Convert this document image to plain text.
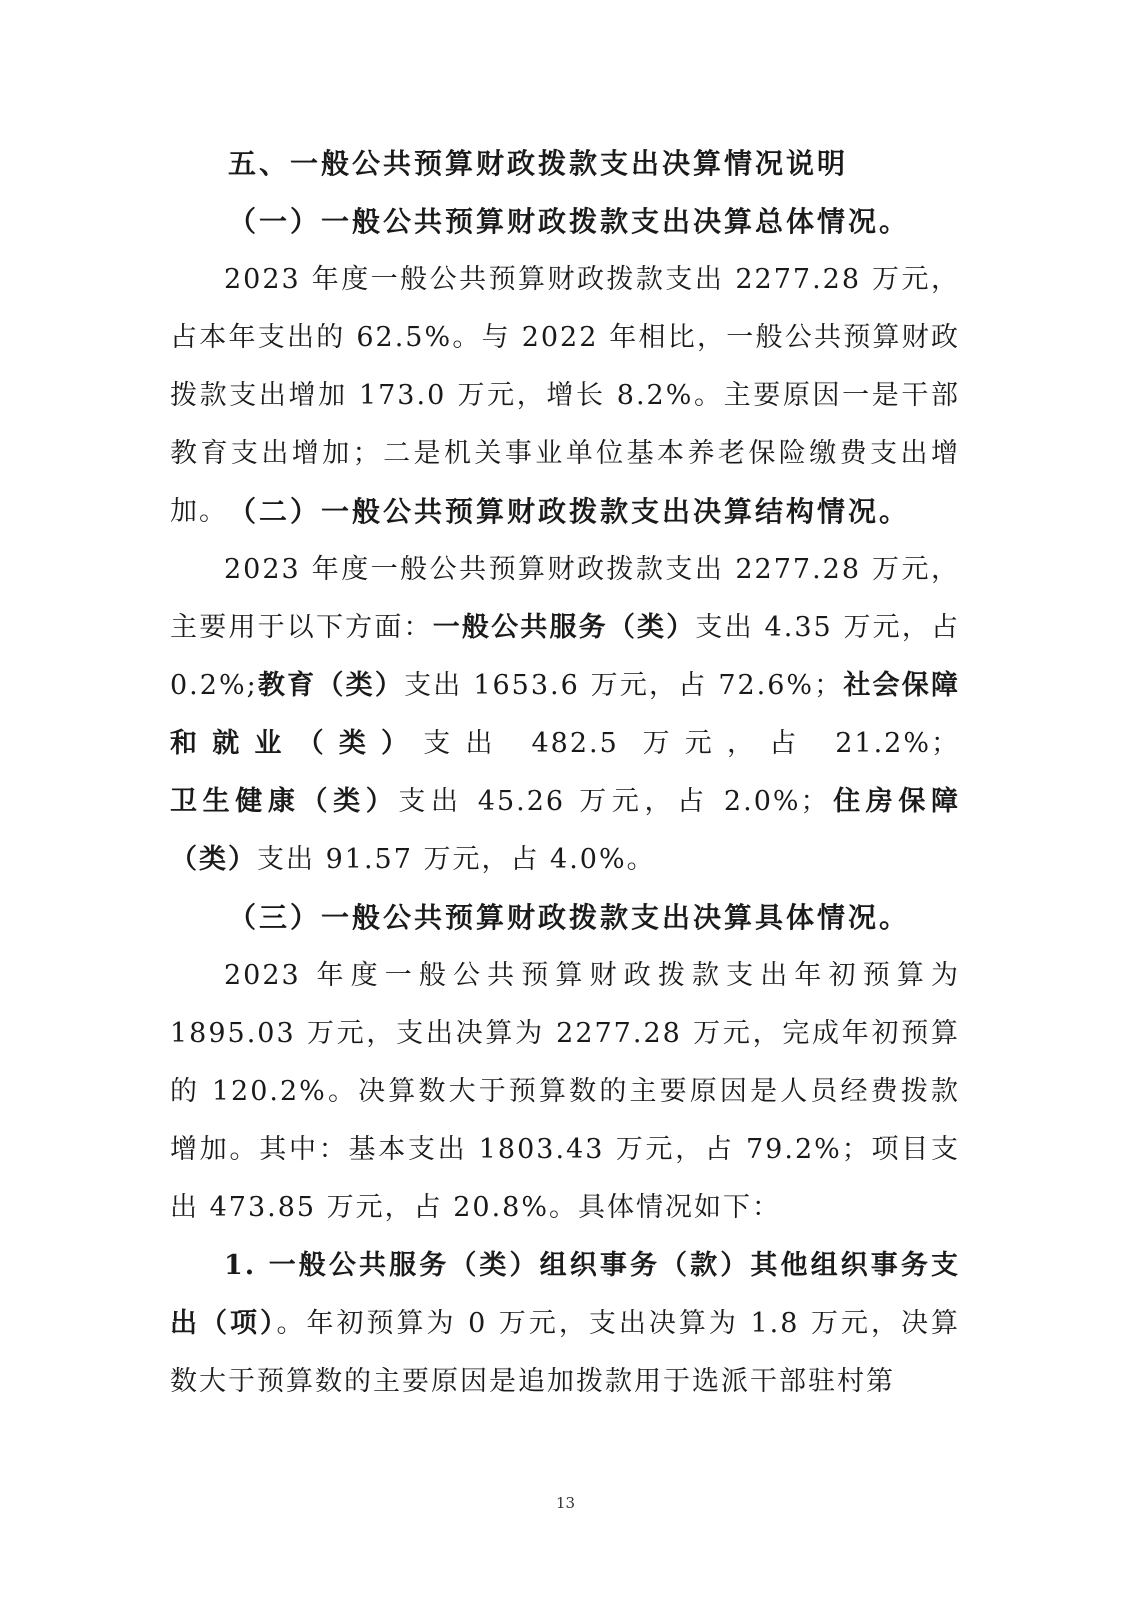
五、一般公共预算财政拨款支出决算情况说明
（一）一般公共预算财政拨款支出决算总体情况。
2023 年度一般公共预算财政拨款支出 2277.28 万元，占本年支出的 62.5%。与 2022 年相比，一般公共预算财政拨款支出增加 173.0 万元，增长 8.2%。主要原因一是干部教育支出增加；二是机关事业单位基本养老保险缴费支出增加。 （二）一般公共预算财政拨款支出决算结构情况。
2023 年度一般公共预算财政拨款支出 2277.28 万元，主要用于以下方面：一般公共服务（类）支出 4.35 万元，占 0.2%;教育（类）支出 1653.6 万元，占 72.6%；社会保障和就业（类）支出 482.5 万元，占 21.2%；卫生健康（类）支出 45.26 万元，占 2.0%；住房保障（类）支出 91.57 万元，占 4.0%。
（三）一般公共预算财政拨款支出决算具体情况。
2023 年度一般公共预算财政拨款支出年初预算为 1895.03 万元，支出决算为 2277.28 万元，完成年初预算的 120.2%。决算数大于预算数的主要原因是人员经费拨款增加。其中：基本支出 1803.43 万元，占 79.2%；项目支出 473.85 万元，占 20.8%。具体情况如下：
1. 一般公共服务（类）组织事务（款）其他组织事务支出（项）。年初预算为 0 万元，支出决算为 1.8 万元，决算数大于预算数的主要原因是追加拨款用于选派干部驻村第
13
